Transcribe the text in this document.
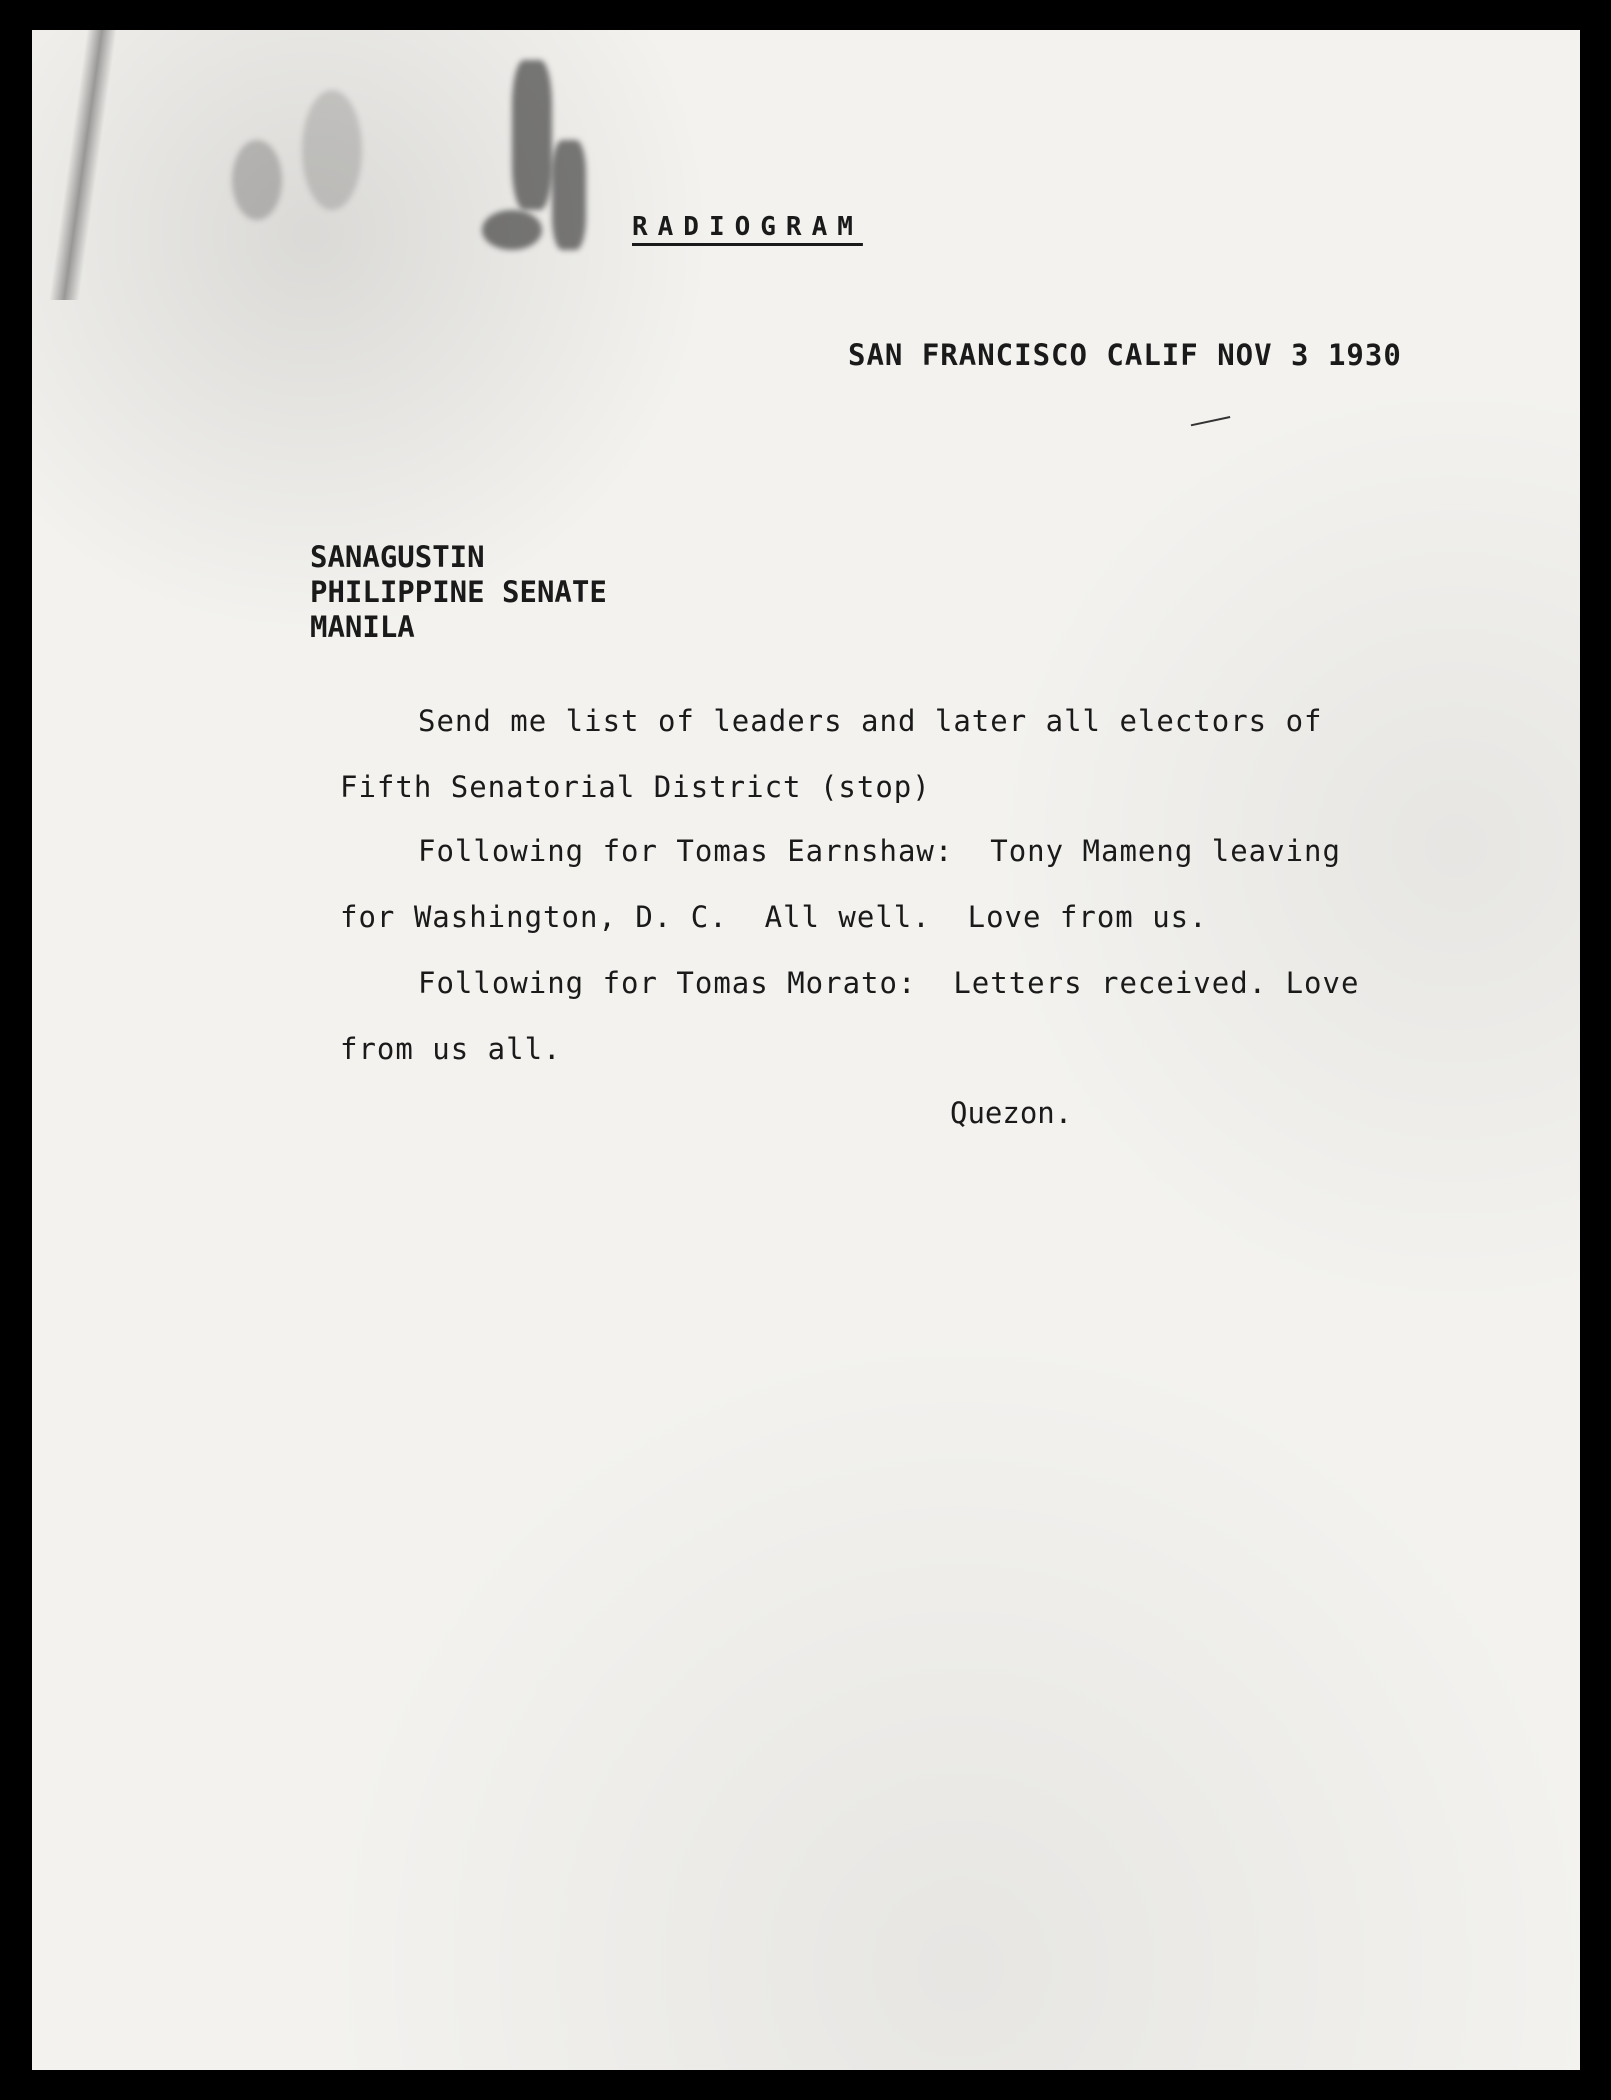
RADIOGRAM
SAN FRANCISCO CALIF NOV 3 1930
SANAGUSTIN
PHILIPPINE SENATE
MANILA
Send me list of leaders and later all electors of
Fifth Senatorial District (stop)
Following for Tomas Earnshaw:  Tony Mameng leaving
for Washington, D. C.  All well.  Love from us.
Following for Tomas Morato:  Letters received. Love
from us all.
Quezon.
